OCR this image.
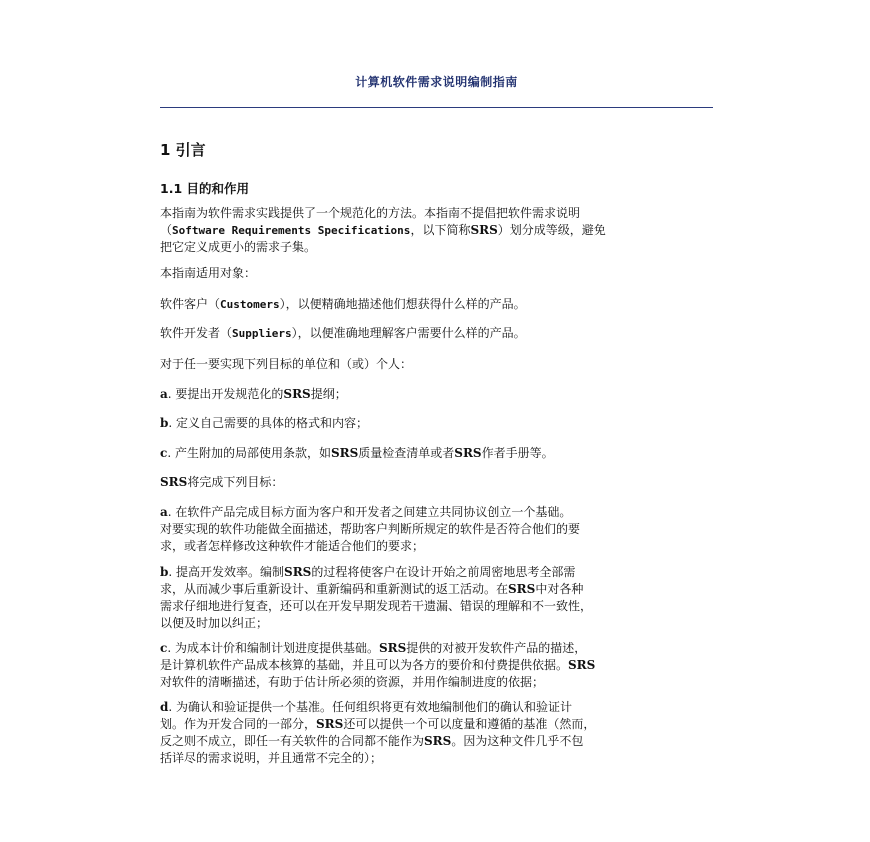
计算机软件需求说明编制指南
1 引言
1.1 目的和作用

本指南为软件需求实践提供了一个规范化的方法。本指南不提倡把软件需求说明
（Software Requirements Specifications，以下简称SRS）划分成等级，避免
把它定义成更小的需求子集。

本指南适用对象：

软件客户（Customers），以便精确地描述他们想获得什么样的产品。

软件开发者（Suppliers），以便准确地理解客户需要什么样的产品。

对于任一要实现下列目标的单位和（或）个人：

a. 要提出开发规范化的SRS提纲；

b. 定义自己需要的具体的格式和内容；

c. 产生附加的局部使用条款，如SRS质量检查清单或者SRS作者手册等。

SRS将完成下列目标：

a. 在软件产品完成目标方面为客户和开发者之间建立共同协议创立一个基础。
对要实现的软件功能做全面描述，帮助客户判断所规定的软件是否符合他们的要
求，或者怎样修改这种软件才能适合他们的要求；

b. 提高开发效率。编制SRS的过程将使客户在设计开始之前周密地思考全部需
求，从而减少事后重新设计、重新编码和重新测试的返工活动。在SRS中对各种
需求仔细地进行复查，还可以在开发早期发现若干遗漏、错误的理解和不一致性，
以便及时加以纠正；

c. 为成本计价和编制计划进度提供基础。SRS提供的对被开发软件产品的描述，
是计算机软件产品成本核算的基础，并且可以为各方的要价和付费提供依据。SRS
对软件的清晰描述，有助于估计所必须的资源，并用作编制进度的依据；

d. 为确认和验证提供一个基准。任何组织将更有效地编制他们的确认和验证计
划。作为开发合同的一部分，SRS还可以提供一个可以度量和遵循的基准（然而，
反之则不成立，即任一有关软件的合同都不能作为SRS。因为这种文件几乎不包
括详尽的需求说明，并且通常不完全的）；
